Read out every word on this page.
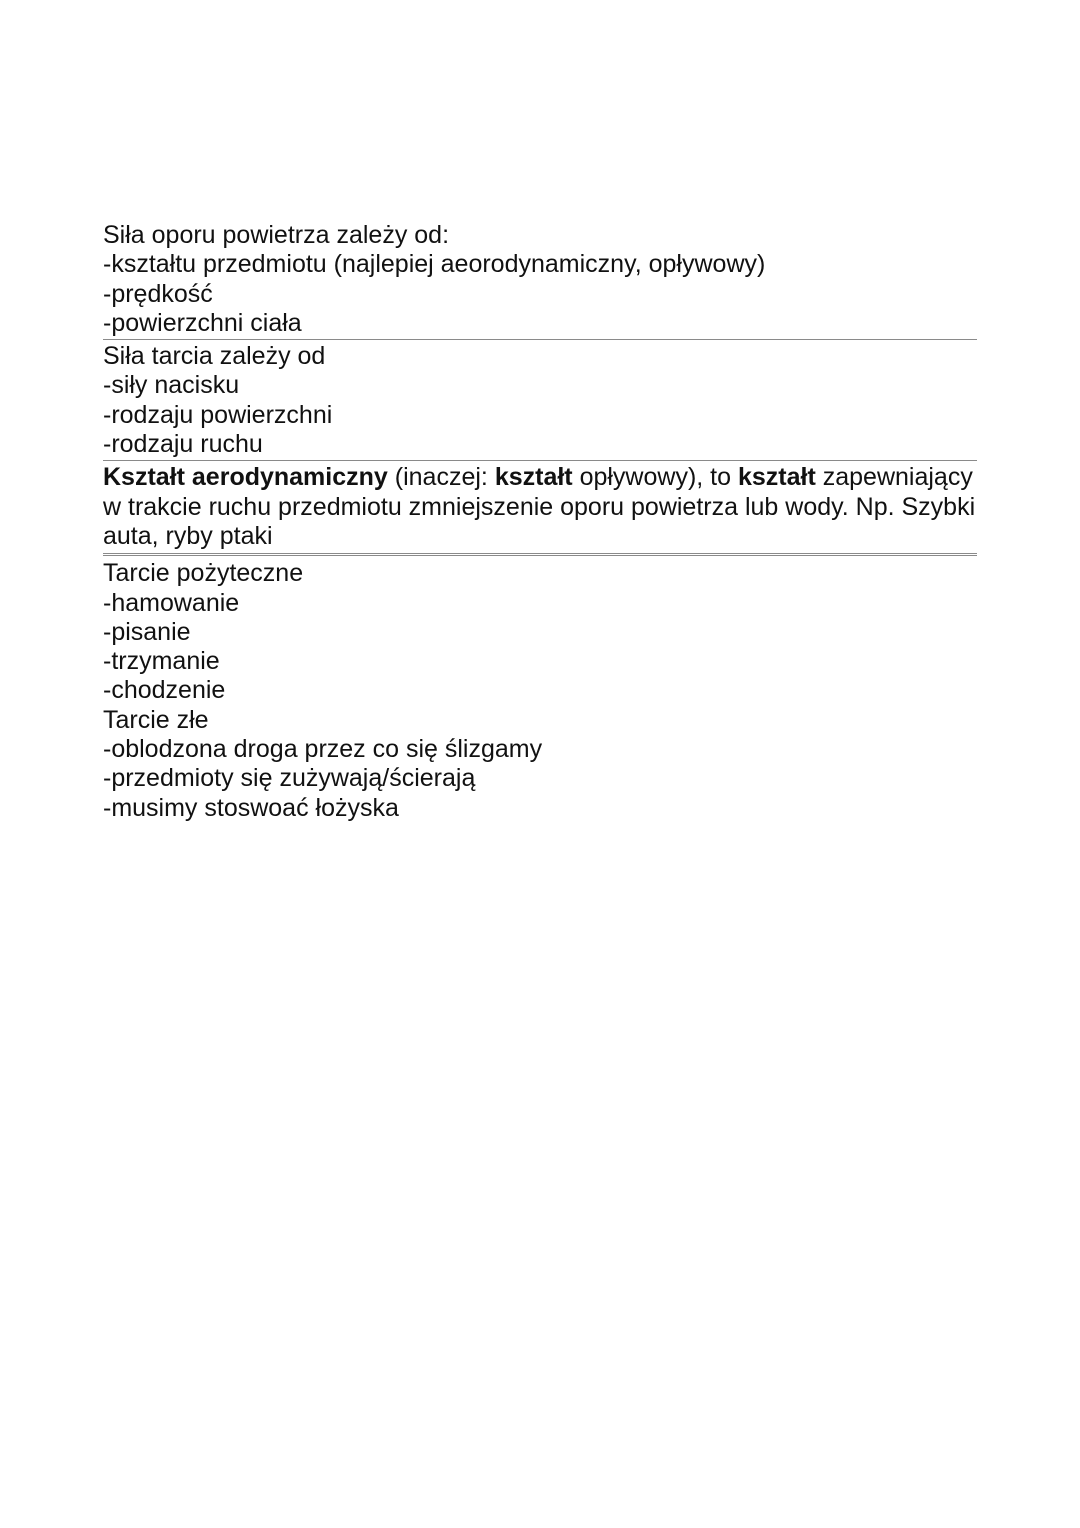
Siła oporu powietrza zależy od:
-kształtu przedmiotu (najlepiej aeorodynamiczny, opływowy)
-prędkość
-powierzchni ciała
Siła tarcia zależy od
-siły nacisku
-rodzaju powierzchni
-rodzaju ruchu
Kształt aerodynamiczny (inaczej: kształt opływowy), to kształt zapewniający w trakcie ruchu przedmiotu zmniejszenie oporu powietrza lub wody. Np. Szybki auta, ryby ptaki
Tarcie pożyteczne
-hamowanie
-pisanie
-trzymanie
-chodzenie
Tarcie złe
-oblodzona droga przez co się ślizgamy
-przedmioty się zużywają/ścierają
-musimy stoswoać łożyska
